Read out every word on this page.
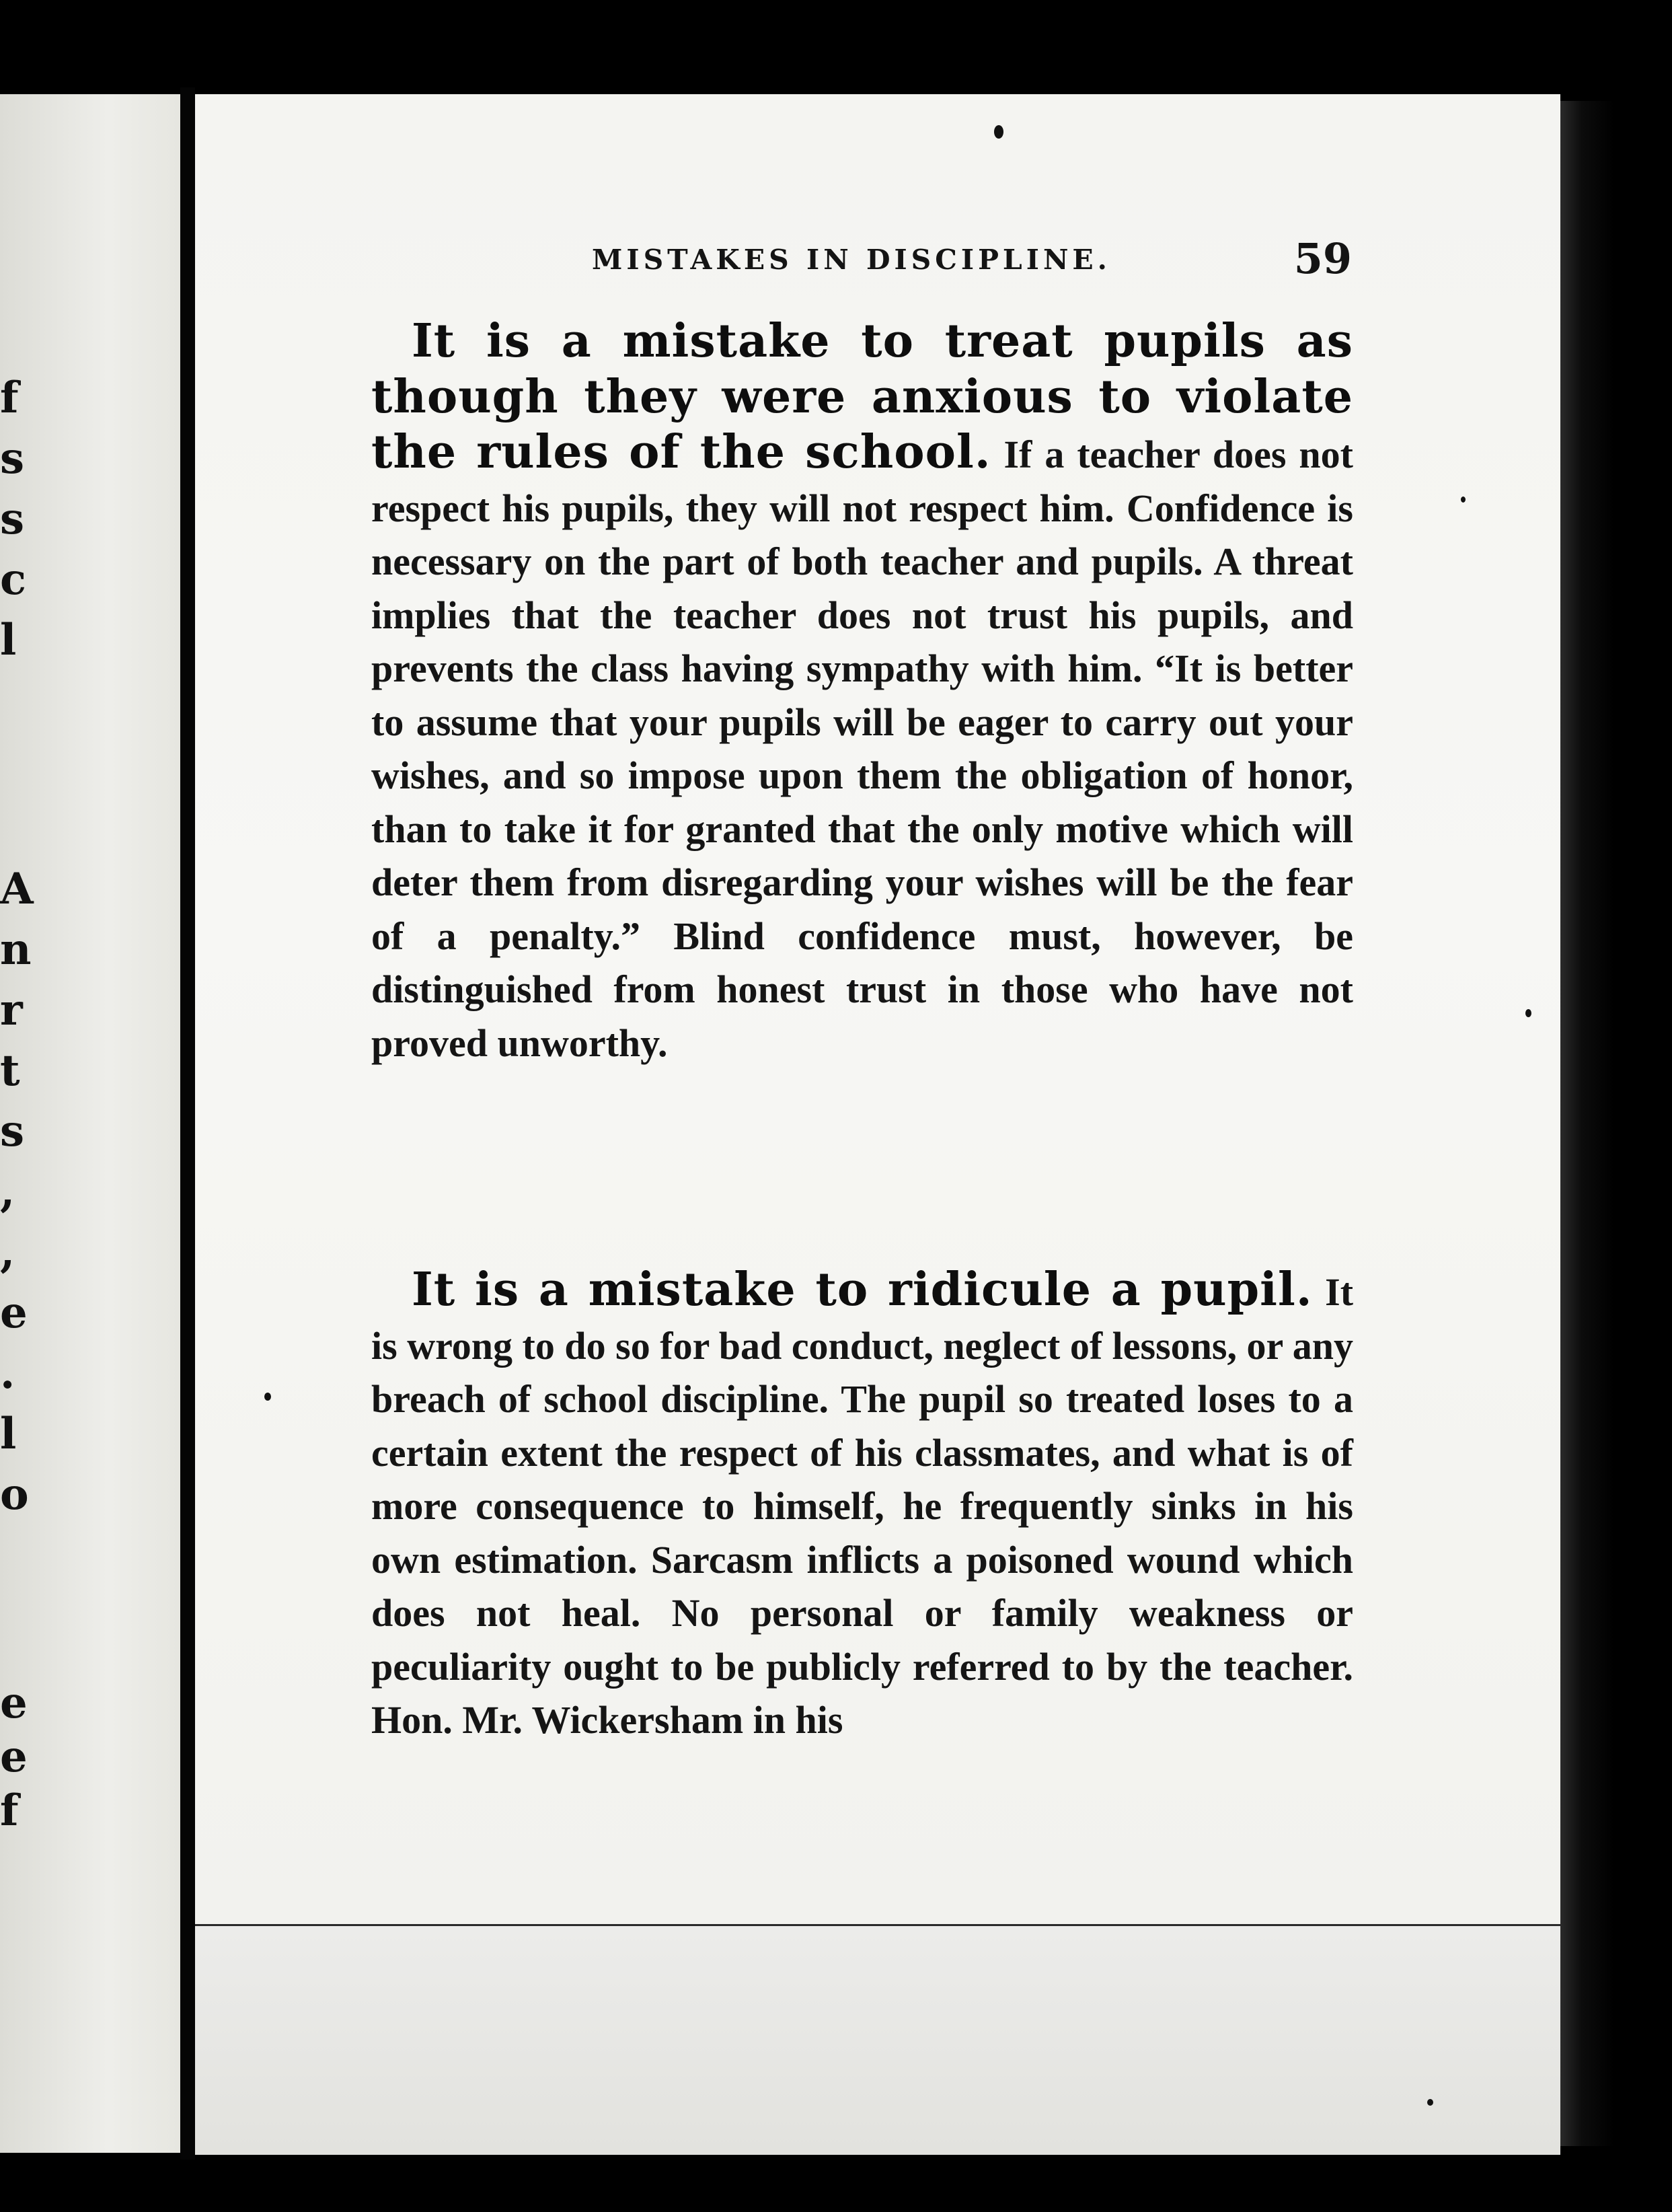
f
s
s
c
l
A
n
r
t
s
,
,
e
.
l
o
e
e
f
MISTAKES IN DISCIPLINE.	59

It is a mistake to treat pupils as though they were anxious to violate the rules of the school. If a teacher does not respect his pupils, they will not respect him. Confidence is necessary on the part of both teacher and pupils. A threat implies that the teacher does not trust his pupils, and prevents the class having sympathy with him. “It is better to assume that your pupils will be eager to carry out your wishes, and so impose upon them the obligation of honor, than to take it for granted that the only motive which will deter them from disregarding your wishes will be the fear of a penalty.” Blind confidence must, however, be distinguished from honest trust in those who have not proved unworthy.

It is a mistake to ridicule a pupil. It is wrong to do so for bad conduct, neglect of lessons, or any breach of school discipline. The pupil so treated loses to a certain extent the respect of his classmates, and what is of more consequence to himself, he frequently sinks in his own estimation. Sarcasm inflicts a poisoned wound which does not heal. No personal or family weakness or peculiarity ought to be publicly referred to by the teacher. Hon. Mr. Wickersham in his
